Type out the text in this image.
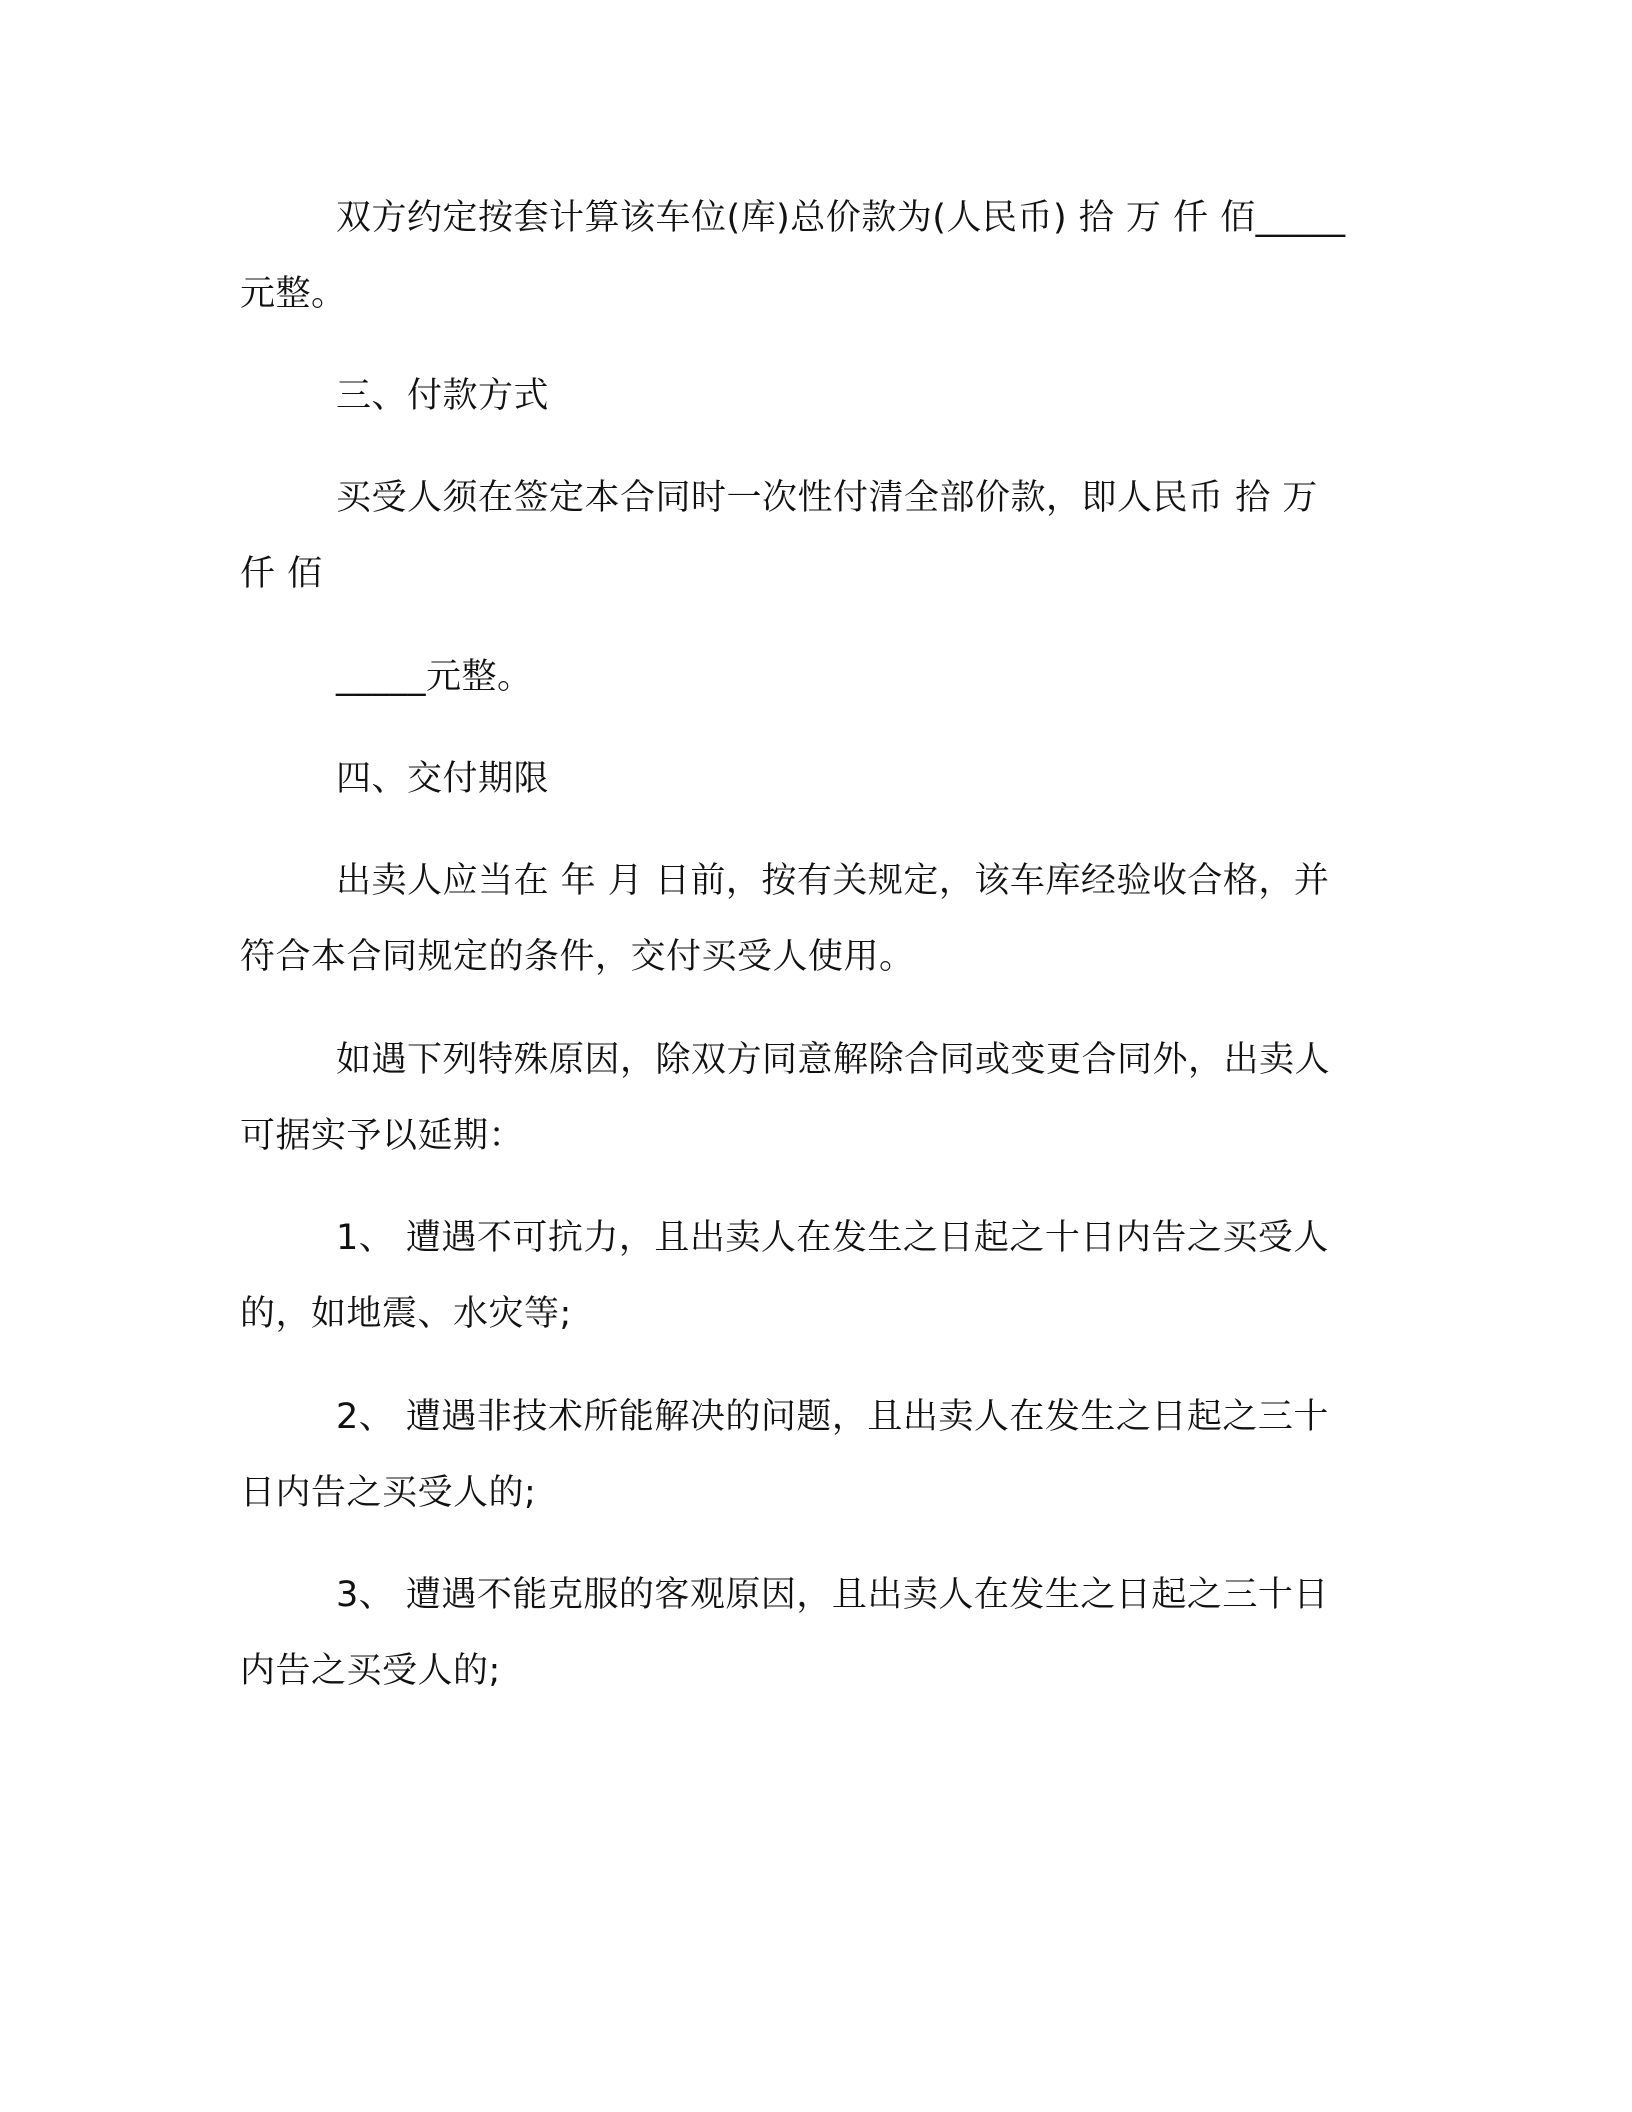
双方约定按套计算该车位(库)总价款为(人民币) 拾 万 仟 佰_____
元整。
三、付款方式
买受人须在签定本合同时一次性付清全部价款，即人民币 拾 万
仟 佰
_____元整。
四、交付期限
出卖人应当在 年 月 日前，按有关规定，该车库经验收合格，并
符合本合同规定的条件，交付买受人使用。
如遇下列特殊原因，除双方同意解除合同或变更合同外，出卖人
可据实予以延期：
1、 遭遇不可抗力，且出卖人在发生之日起之十日内告之买受人
的，如地震、水灾等;
2、 遭遇非技术所能解决的问题，且出卖人在发生之日起之三十
日内告之买受人的;
3、 遭遇不能克服的客观原因，且出卖人在发生之日起之三十日
内告之买受人的;
